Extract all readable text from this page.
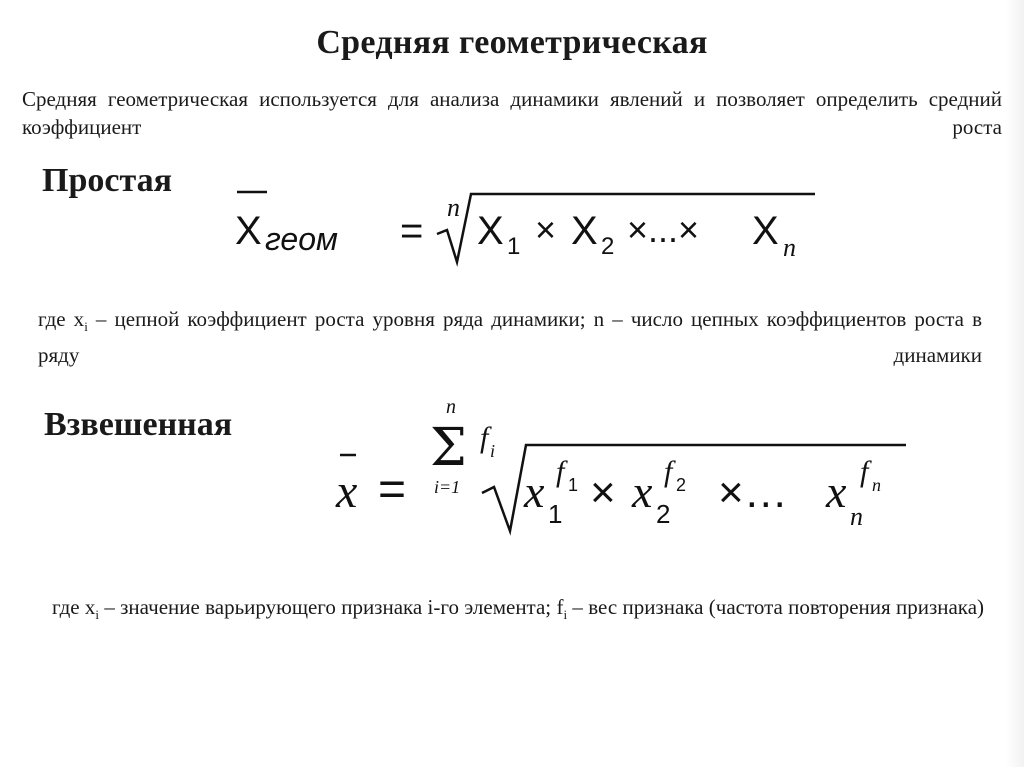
Средняя геометрическая
Средняя геометрическая используется для анализа динамики явлений и позволяет определить средний коэффициент роста
Простая
X геом =
n
X 1 × X 2 ×...× X n
где $x_i$ – цепной коэффициент роста уровня ряда динамики; n – число цепных коэффициентов роста в ряду динамики
Взвешенная
x =
n
Σ
i=1
f i
x 1
f 1 × x 2
f 2 ×… x n
f n
где $x_i$ – значение варьирующего признака i-го элемента; $f_i$ – вес признака (частота повторения признака)
